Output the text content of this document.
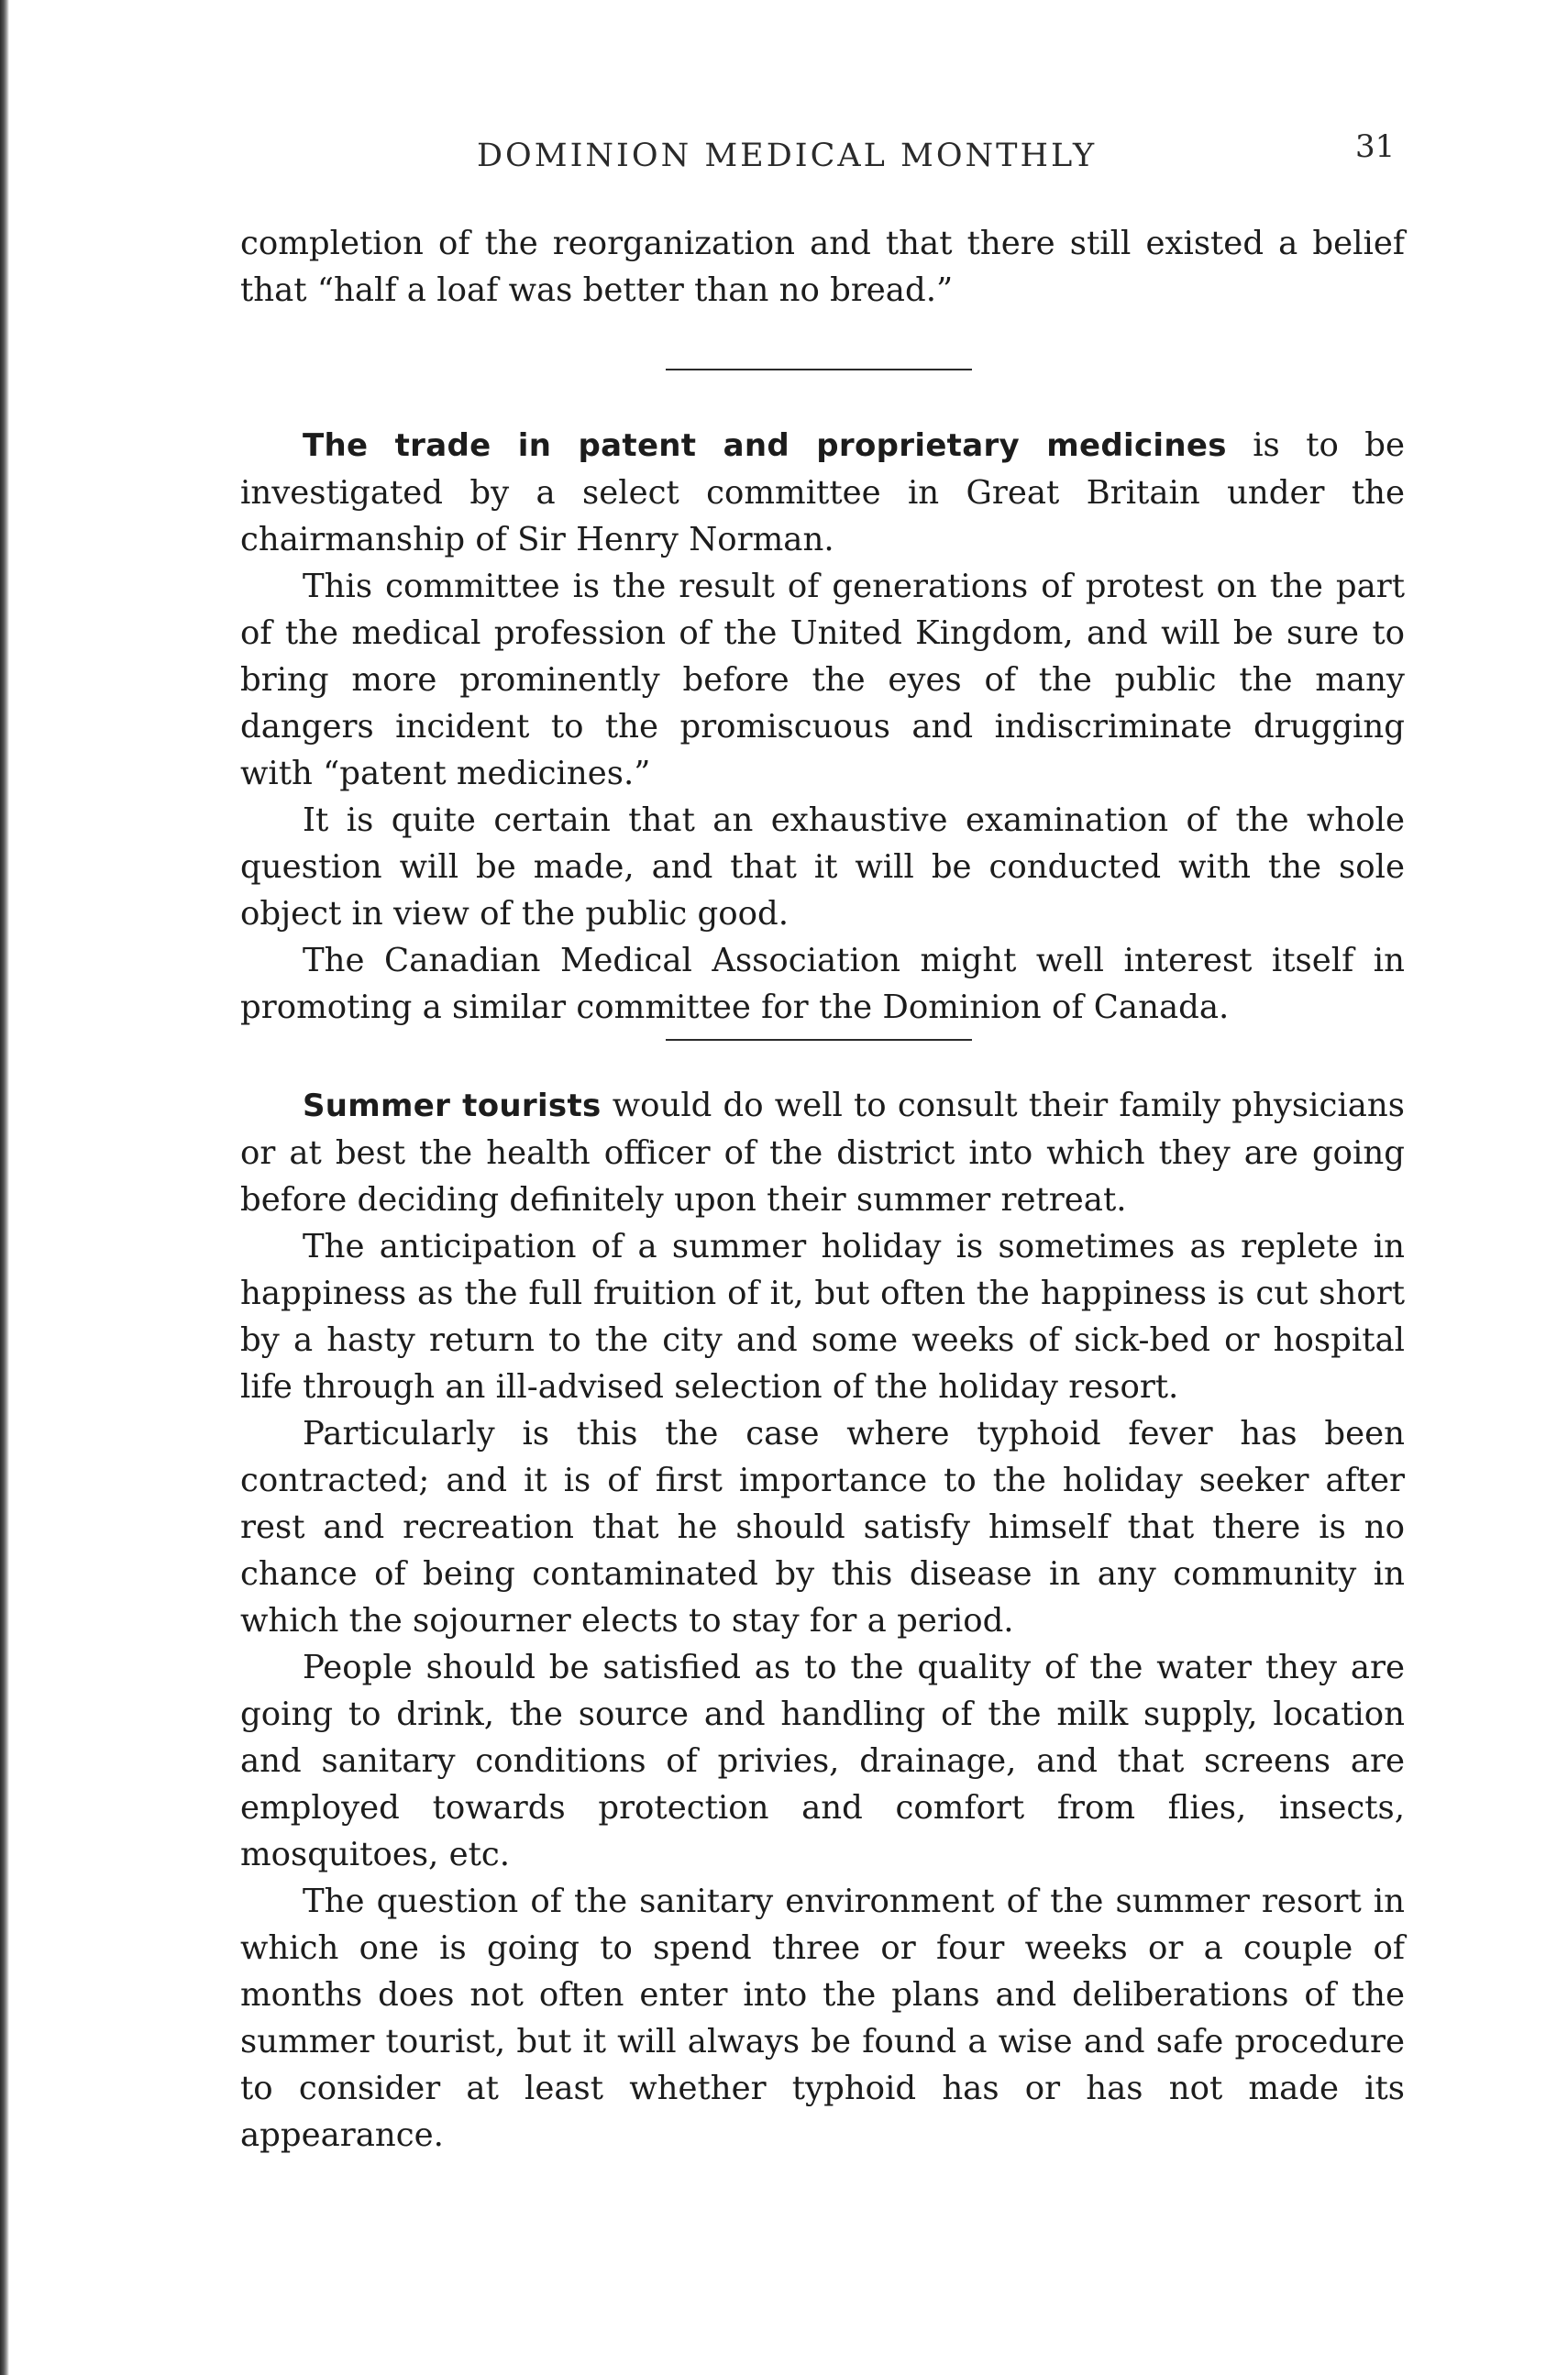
DOMINION MEDICAL MONTHLY	31

completion of the reorganization and that there still existed a belief that “half a loaf was better than no bread.”

The trade in patent and proprietary medicines is to be investigated by a select committee in Great Britain under the chairmanship of Sir Henry Norman.

This committee is the result of generations of protest on the part of the medical profession of the United Kingdom, and will be sure to bring more prominently before the eyes of the public the many dangers incident to the promiscuous and indiscriminate drugging with “patent medicines.”

It is quite certain that an exhaustive examination of the whole question will be made, and that it will be conducted with the sole object in view of the public good.

The Canadian Medical Association might well interest itself in promoting a similar committee for the Dominion of Canada.

Summer tourists would do well to consult their family physicians or at best the health officer of the district into which they are going before deciding definitely upon their summer retreat.

The anticipation of a summer holiday is sometimes as replete in happiness as the full fruition of it, but often the happiness is cut short by a hasty return to the city and some weeks of sick-bed or hospital life through an ill-advised selection of the holiday resort.

Particularly is this the case where typhoid fever has been contracted; and it is of first importance to the holiday seeker after rest and recreation that he should satisfy himself that there is no chance of being contaminated by this disease in any community in which the sojourner elects to stay for a period.

People should be satisfied as to the quality of the water they are going to drink, the source and handling of the milk supply, location and sanitary conditions of privies, drainage, and that screens are employed towards protection and comfort from flies, insects, mosquitoes, etc.

The question of the sanitary environment of the summer resort in which one is going to spend three or four weeks or a couple of months does not often enter into the plans and deliberations of the summer tourist, but it will always be found a wise and safe procedure to consider at least whether typhoid has or has not made its appearance.
